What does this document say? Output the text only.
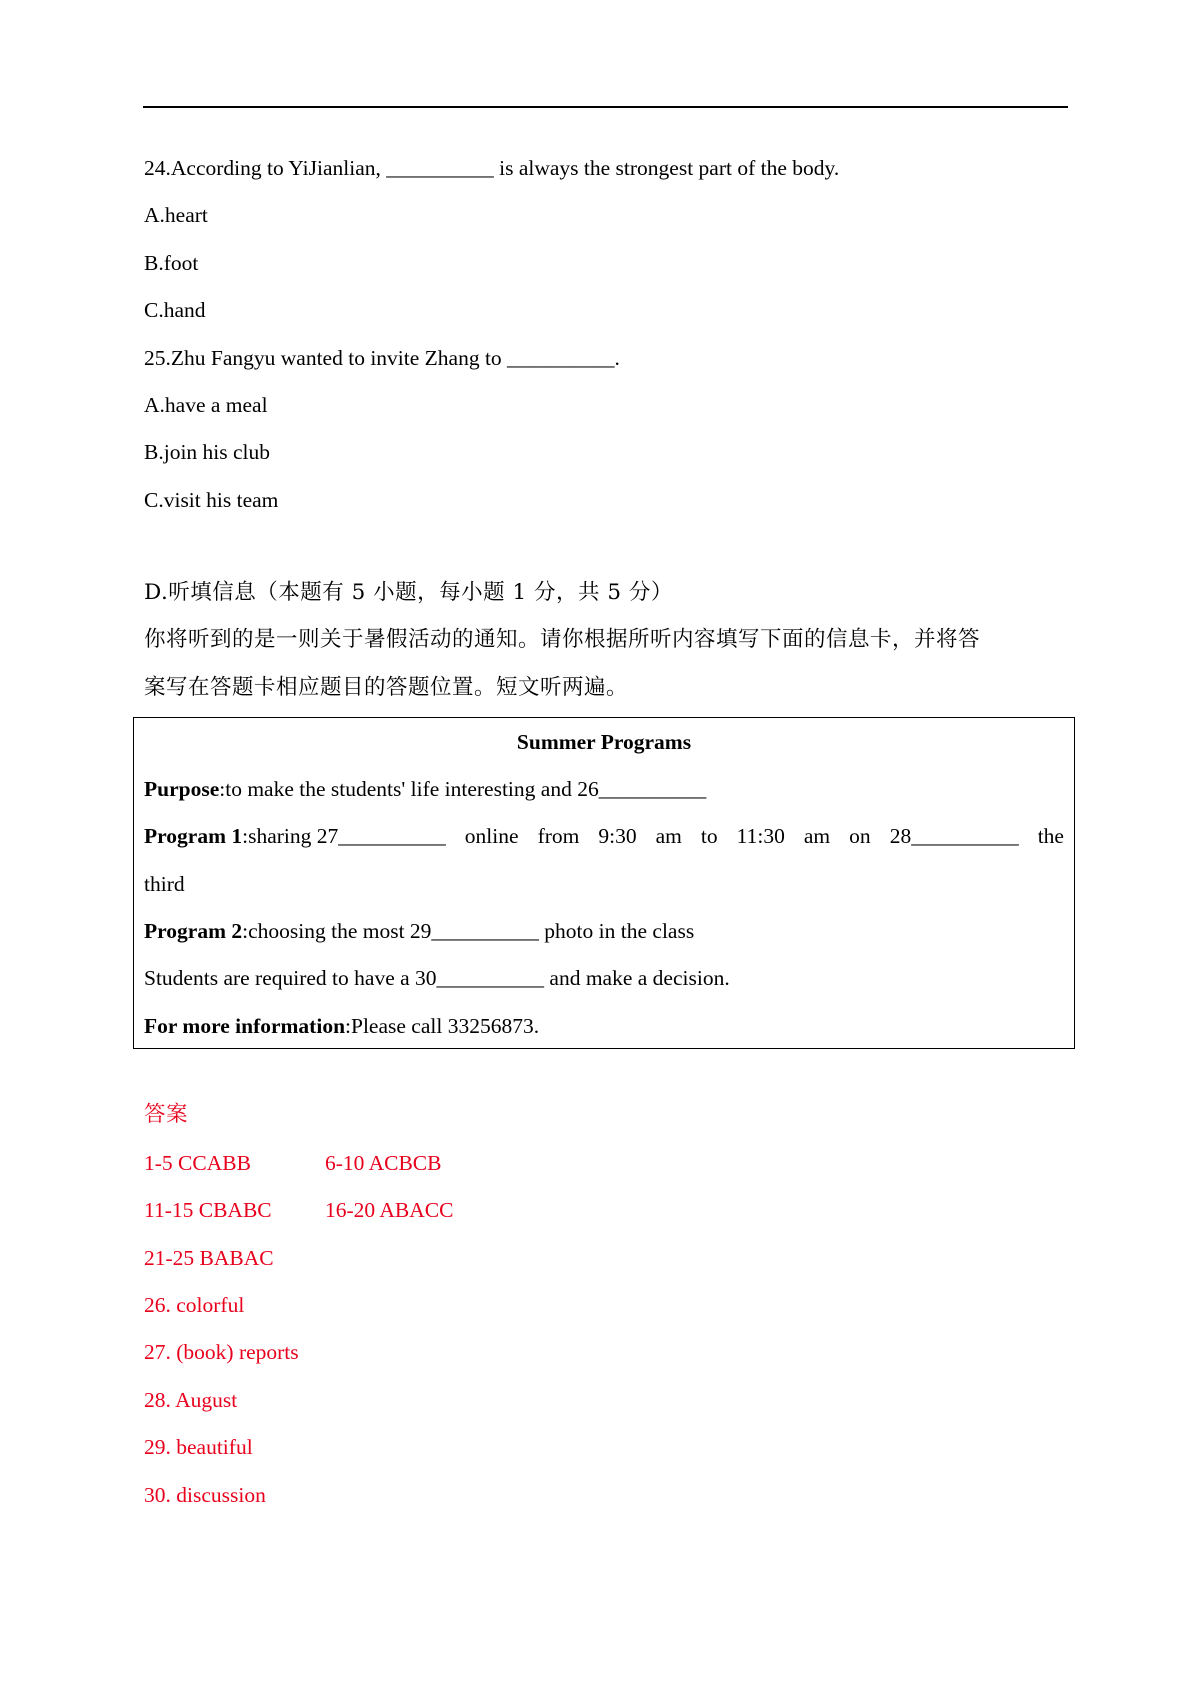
24.According to YiJianlian, __________ is always the strongest part of the body.
A.heart
B.foot
C.hand
25.Zhu Fangyu wanted to invite Zhang to __________.
A.have a meal
B.join his club
C.visit his team
D.听填信息（本题有 5 小题，每小题 1 分，共 5 分）
你将听到的是一则关于暑假活动的通知。请你根据所听内容填写下面的信息卡，并将答
案写在答题卡相应题目的答题位置。短文听两遍。
Summer Programs
Purpose:to make the students' life interesting and 26__________
Program 1:sharing 27__________ online from 9:30 am to 11:30 am on 28__________ the
third
Program 2:choosing the most 29__________ photo in the class
Students are required to have a 30__________ and make a decision.
For more information:Please call 33256873.
答案
1-5 CCABB	6-10 ACBCB
11-15 CBABC 16-20 ABACC
21-25 BABAC
26. colorful
27. (book) reports
28. August
29. beautiful
30. discussion
